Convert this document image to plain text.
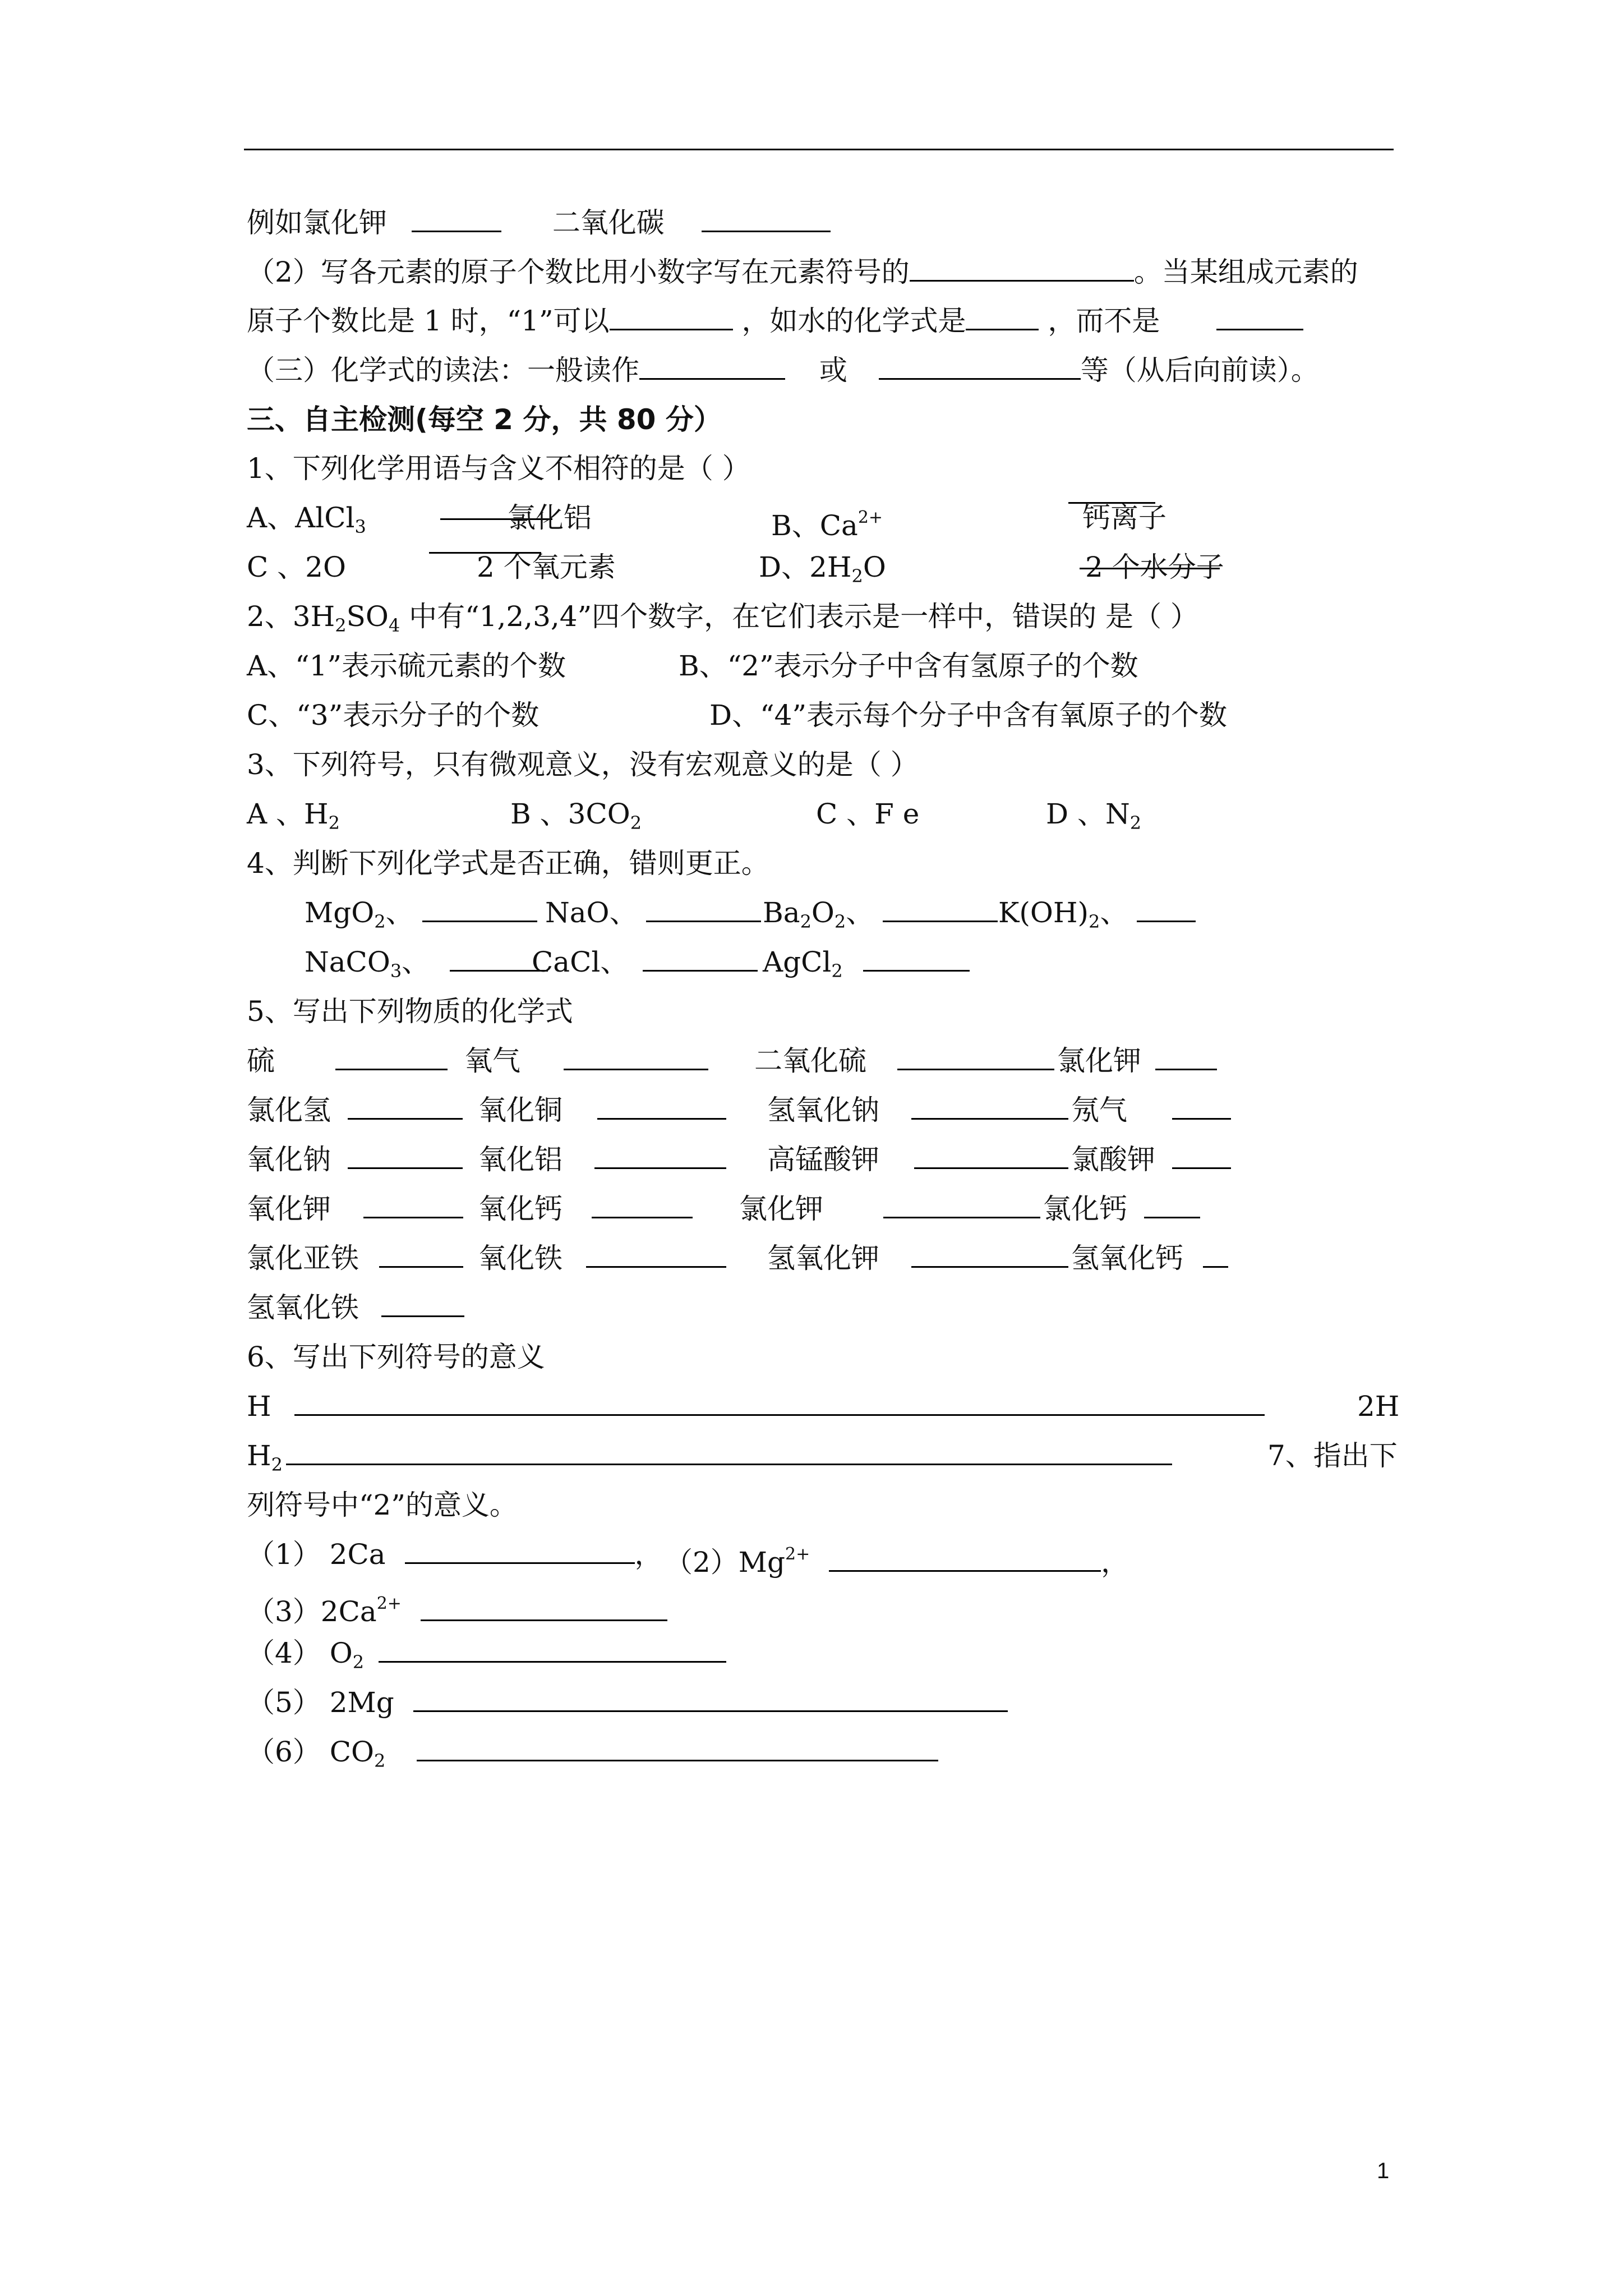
例如氯化钾	二氧化碳
（2）写各元素的原子个数比用小数字写在元素符号的	。当某组成元素的
原子个数比是 1 时，“1”可以	，如水的化学式是	，而不是
（三）化学式的读法：一般读作	或	等（从后向前读）。
三、自主检测(每空 2 分，共 80 分）
1、下列化学用语与含义不相符的是（ ）
A、AlCl$_3$	氯化铝	B、$Ca^{2+}$	钙离子
C 、2O	2 个氧元素	D、$2H_2O$	2 个水分子
2、$3H_2SO_4$ 中有“1,2,3,4”四个数字，在它们表示是一样中，错误的 是（ ）
A、“1”表示硫元素的个数	B、“2”表示分子中含有氢原子的个数
C、“3”表示分子的个数	D、“4”表示每个分子中含有氧原子的个数
3、下列符号，只有微观意义，没有宏观意义的是（ ）
A 、$H_2$	B 、$3CO_2$	C 、F e	D 、$N_2$
4、判断下列化学式是否正确，错则更正。
MgO$_2$、	NaO、	$Ba_2O_2$、	$K(OH)_2$、
NaCO$_3$、	CaCl、	AgCl$_2$
5、写出下列物质的化学式
硫	氧气	二氧化硫	氯化钾
氯化氢	氧化铜	氢氧化钠	氖气
氧化钠	氧化铝	高锰酸钾	氯酸钾
氧化钾	氧化钙	氯化钾	氯化钙
氯化亚铁	氧化铁	氢氧化钾	氢氧化钙
氢氧化铁
6、写出下列符号的意义
H	2H
$H_2$	7、指出下
列符号中“2”的意义。
（1） 2Ca	， $(2)Mg^{2+}$	，
$(3)2Ca^{2+}$
（4） $O_2$
（5） 2Mg
（6） $CO_2$
1
